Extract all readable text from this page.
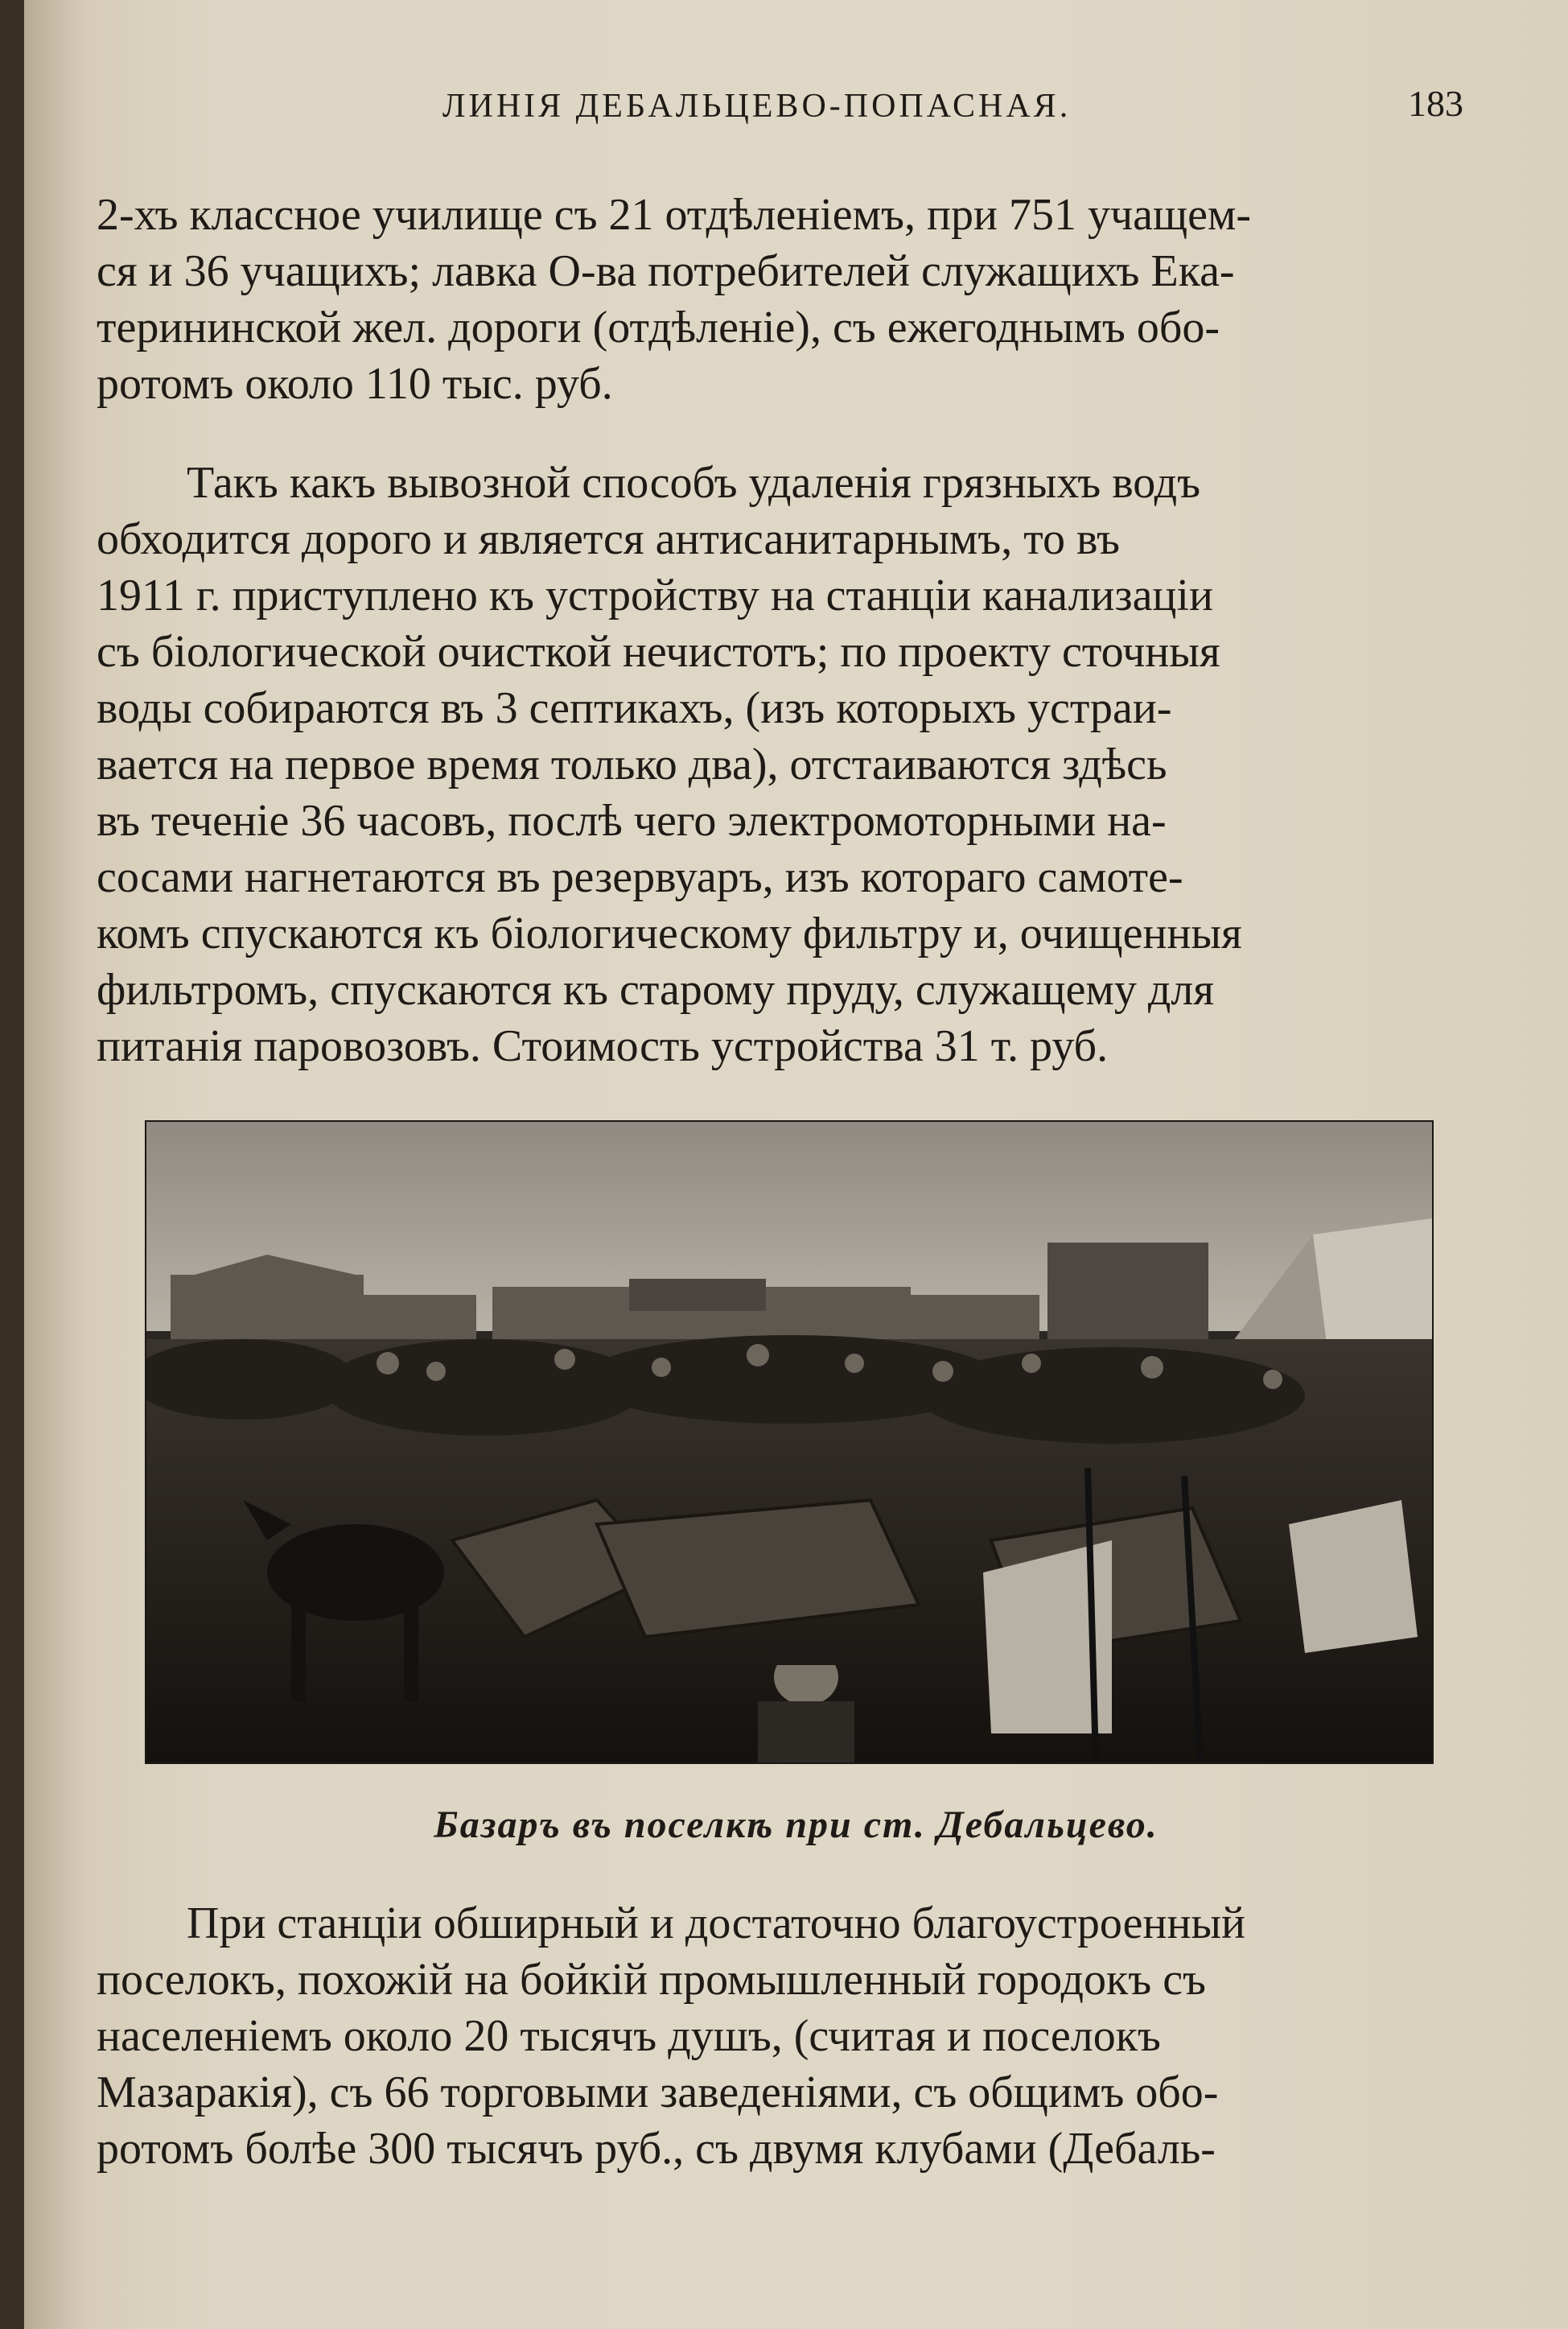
ЛИНІЯ ДЕБАЛЬЦЕВО-ПОПАСНАЯ.	183

2-хъ классное училище съ 21 отдѣленіемъ, при 751 учащем-
ся и 36 учащихъ; лавка О-ва потребителей служащихъ Ека-
терининской жел. дороги (отдѣленіе), съ ежегоднымъ обо-
ротомъ около 110 тыс. руб.

Такъ какъ вывозной способъ удаленія грязныхъ водъ
обходится дорого и является антисанитарнымъ, то въ
1911 г. приступлено къ устройству на станціи канализаціи
съ біологической очисткой нечистотъ; по проекту сточныя
воды собираются въ 3 септикахъ, (изъ которыхъ устраи-
вается на первое время только два), отстаиваются здѣсь
въ теченіе 36 часовъ, послѣ чего электромоторными на-
сосами нагнетаются въ резервуаръ, изъ котораго самоте-
комъ спускаются къ біологическому фильтру и, очищенныя
фильтромъ, спускаются къ старому пруду, служащему для
питанія паровозовъ. Стоимость устройства 31 т. руб.

Базаръ въ поселкѣ при ст. Дебальцево.

При станціи обширный и достаточно благоустроенный
поселокъ, похожій на бойкій промышленный городокъ съ
населеніемъ около 20 тысячъ душъ, (считая и поселокъ
Мазаракія), съ 66 торговыми заведеніями, съ общимъ обо-
ротомъ болѣе 300 тысячъ руб., съ двумя клубами (Дебаль-
